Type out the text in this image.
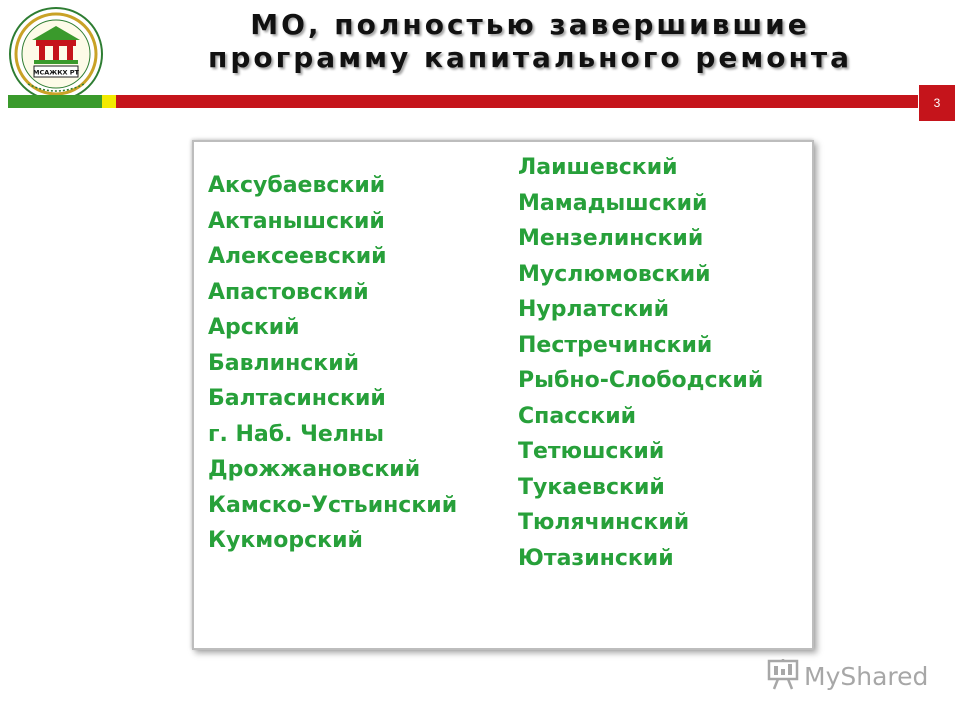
МСАЖКХ РТ
МО, полностью завершившие
программу капитального ремонта
3
Аксубаевский
Актанышский
Алексеевский
Апастовский
Арский
Бавлинский
Балтасинский
г. Наб. Челны
Дрожжановский
Камско-Устьинский
Кукморский
Лаишевский
Мамадышский
Мензелинский
Муслюмовский
Нурлатский
Пестречинский
Рыбно-Слободский
Спасский
Тетюшский
Тукаевский
Тюлячинский
Ютазинский
MyShared
